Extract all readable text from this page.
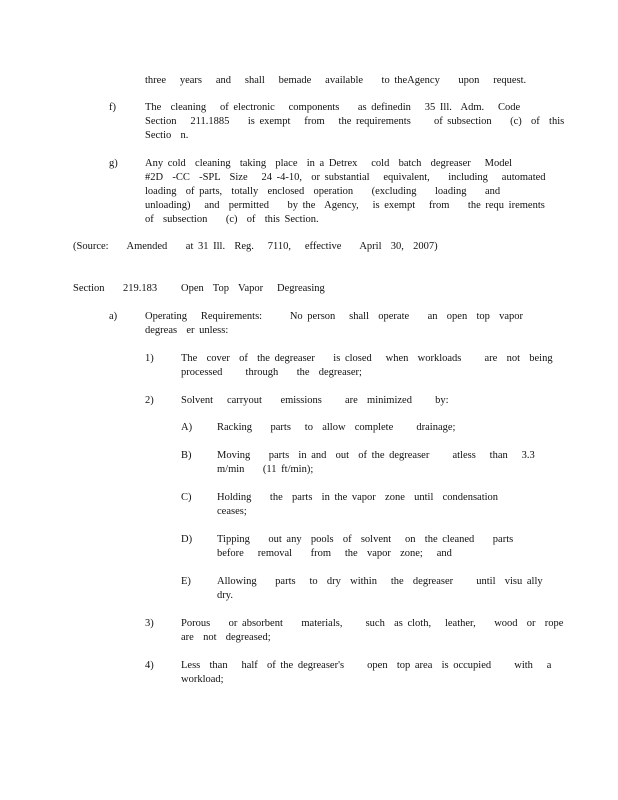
three   years   and   shall   bemade   available    to theAgency    upon   request.
f)	The  cleaning   of electronic   components    as definedin   35 Ill.  Adm.   Code
Section   211.1885    is exempt   from   the requirements     of subsection    (c)  of  this
Sectio  n.
g)	Any cold  cleaning  taking  place  in a Detrex   cold  batch  degreaser   Model
#2D  -CC  -SPL  Size   24 -4-10,  or substantial   equivalent,    including   automated
loading  of parts,  totally  enclosed  operation    (excluding    loading    and
unloading)   and  permitted    by the  Agency,   is exempt   from    the requ irements
of  subsection    (c)  of  this Section.
(Source:    Amended    at 31 Ill.  Reg.   7110,   effective    April  30,  2007)
Section    219.183 Open  Top  Vapor   Degreasing
a)	Operating   Requirements:      No person   shall  operate    an  open  top  vapor
degreas  er unless:
1)	The  cover  of  the degreaser    is closed   when  workloads     are  not  being
processed     through    the  degreaser;
2)	Solvent   carryout    emissions     are  minimized     by:
A) Racking    parts   to  allow  complete     drainage;
B) Moving    parts  in and  out  of the degreaser     atless   than   3.3
m/min    (11 ft/min);
C) Holding    the  parts  in the vapor  zone  until  condensation
ceases;
D) Tipping    out any  pools  of  solvent   on  the cleaned    parts
before   removal    from   the  vapor  zone;   and
E) Allowing    parts   to  dry  within   the  degreaser     until  visu ally
dry.
3)	Porous    or absorbent    materials,     such  as cloth,   leather,    wood  or  rope
are  not  degreased;
4)	Less  than   half  of the degreaser's     open  top area  is occupied     with   a
workload;
